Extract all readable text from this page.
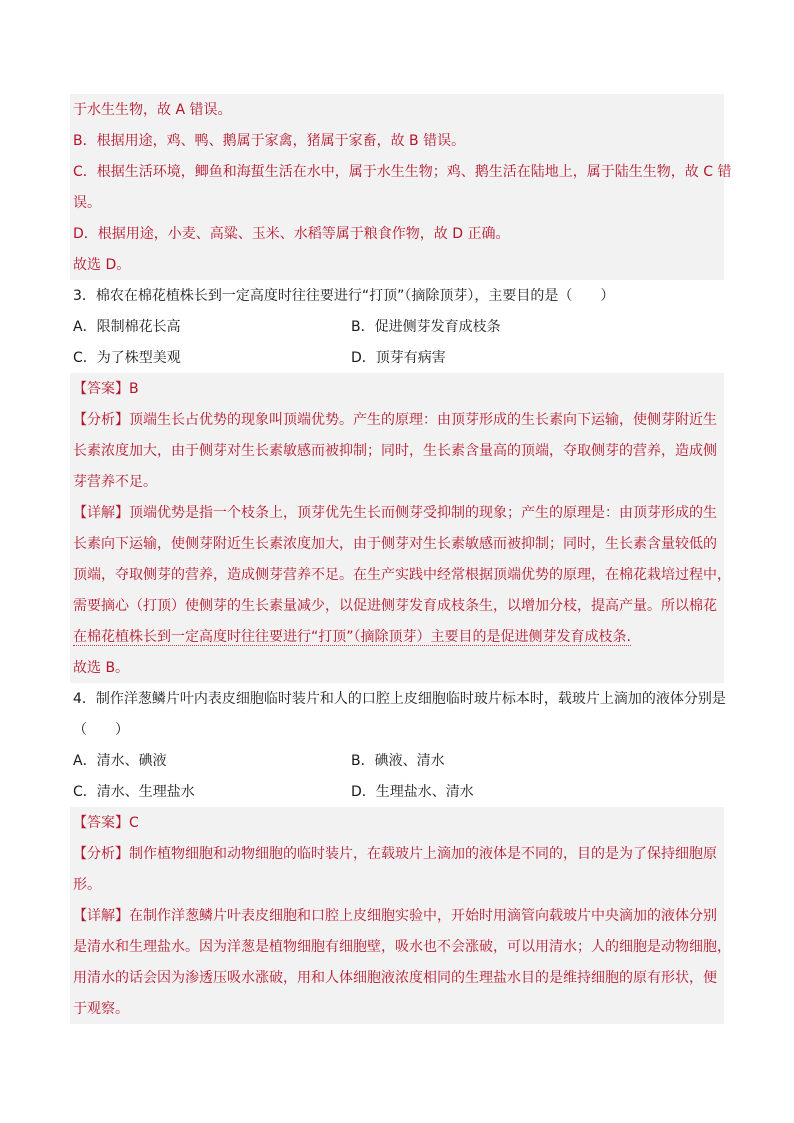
于水生生物，故 A 错误。
B．根据用途，鸡、鸭、鹅属于家禽，猪属于家畜，故 B 错误。
C．根据生活环境，鲫鱼和海蜇生活在水中，属于水生生物；鸡、鹅生活在陆地上，属于陆生生物，故 C 错
误。
D．根据用途，小麦、高粱、玉米、水稻等属于粮食作物，故 D 正确。
故选 D。
3．棉农在棉花植株长到一定高度时往往要进行“打顶”（摘除顶芽），主要目的是（　　）
A．限制棉花长高	B．促进侧芽发育成枝条
C．为了株型美观	D．顶芽有病害
【答案】B
【分析】顶端生长占优势的现象叫顶端优势。产生的原理：由顶芽形成的生长素向下运输，使侧芽附近生
长素浓度加大，由于侧芽对生长素敏感而被抑制；同时，生长素含量高的顶端，夺取侧芽的营养，造成侧
芽营养不足。
【详解】顶端优势是指一个枝条上，顶芽优先生长而侧芽受抑制的现象；产生的原理是：由顶芽形成的生
长素向下运输，使侧芽附近生长素浓度加大，由于侧芽对生长素敏感而被抑制；同时，生长素含量较低的
顶端，夺取侧芽的营养，造成侧芽营养不足。在生产实践中经常根据顶端优势的原理，在棉花栽培过程中，
需要摘心（打顶）使侧芽的生长素量减少，以促进侧芽发育成枝条生，以增加分枝，提高产量。所以棉花
在棉花植株长到一定高度时往往要进行“打顶”（摘除顶芽）主要目的是促进侧芽发育成枝条.
故选 B。
4．制作洋葱鳞片叶内表皮细胞临时装片和人的口腔上皮细胞临时玻片标本时，载玻片上滴加的液体分别是
（　　）
A．清水、碘液	B．碘液、清水
C．清水、生理盐水	D．生理盐水、清水
【答案】C
【分析】制作植物细胞和动物细胞的临时装片，在载玻片上滴加的液体是不同的，目的是为了保持细胞原
形。
【详解】在制作洋葱鳞片叶表皮细胞和口腔上皮细胞实验中，开始时用滴管向载玻片中央滴加的液体分别
是清水和生理盐水。因为洋葱是植物细胞有细胞壁，吸水也不会涨破，可以用清水；人的细胞是动物细胞，
用清水的话会因为渗透压吸水涨破，用和人体细胞液浓度相同的生理盐水目的是维持细胞的原有形状，便
于观察。
